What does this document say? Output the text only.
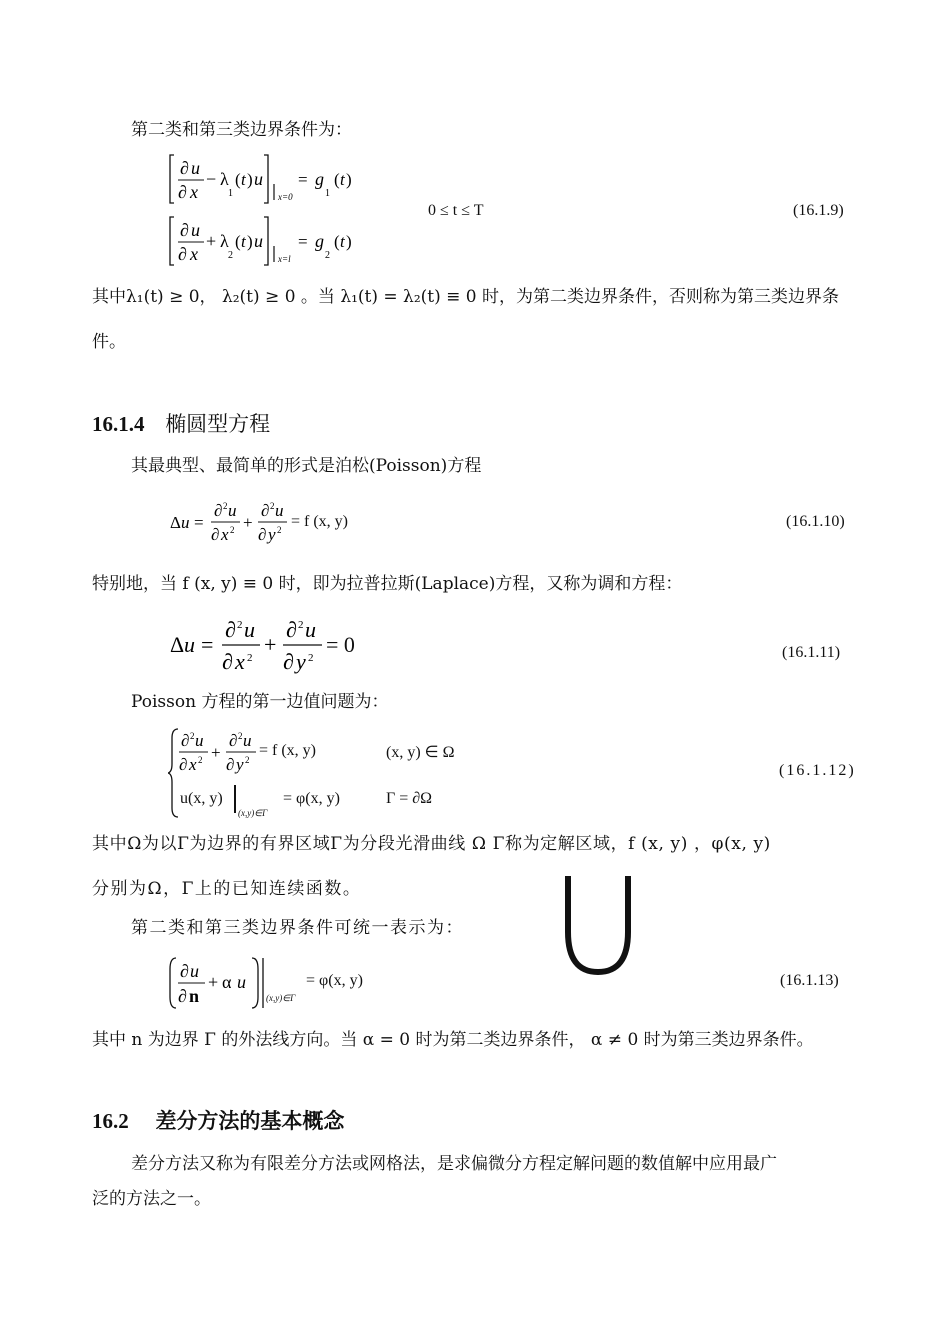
第二类和第三类边界条件为：
∂ u
∂ x
− λ
1
( t ) u
x=0
= g
1
( t )
0 ≤ t ≤ T	(16.1.9)
∂ u
∂ x
+ λ
2
( t ) u
x=l
= g
2
( t )
其中λ₁(t) ≥ 0， λ₂(t) ≥ 0 。当 λ₁(t) = λ₂(t) ≡ 0 时，为第二类边界条件，否则称为第三类边界条
件。
16.1.4 椭圆型方程
其最典型、最简单的形式是泊松(Poisson)方程
Δ u =
∂ 2 u
∂ x 2 +
∂ 2 u
∂ y 2 = f (x, y)	(16.1.10)
特别地，当 f (x, y) ≡ 0 时，即为拉普拉斯(Laplace)方程，又称为调和方程：
Δ u =
∂ 2 u
∂ x 2
+
∂ 2 u
∂ y 2
= 0	(16.1.11)
Poisson 方程的第一边值问题为：
∂ 2 u
∂ x 2 +
∂ 2 u
∂ y 2
= f (x, y)	(x, y) ∈ Ω
u(x, y)
(x,y)∈Γ
= φ(x, y)	Γ = ∂Ω
(16.1.12)
其中Ω为以Γ为边界的有界区域Γ为分段光滑曲线 Ω Γ称为定解区域，f (x, y) ，φ(x, y)
分别为Ω，Γ上的已知连续函数。
第二类和第三类边界条件可统一表示为：
∂ u
∂ n
+ α u
(x,y)∈Γ
= φ(x, y)	(16.1.13)
其中 n 为边界 Γ 的外法线方向。当 α = 0 时为第二类边界条件， α ≠ 0 时为第三类边界条件。
16.2 差分方法的基本概念
差分方法又称为有限差分方法或网格法，是求偏微分方程定解问题的数值解中应用最广
泛的方法之一。
